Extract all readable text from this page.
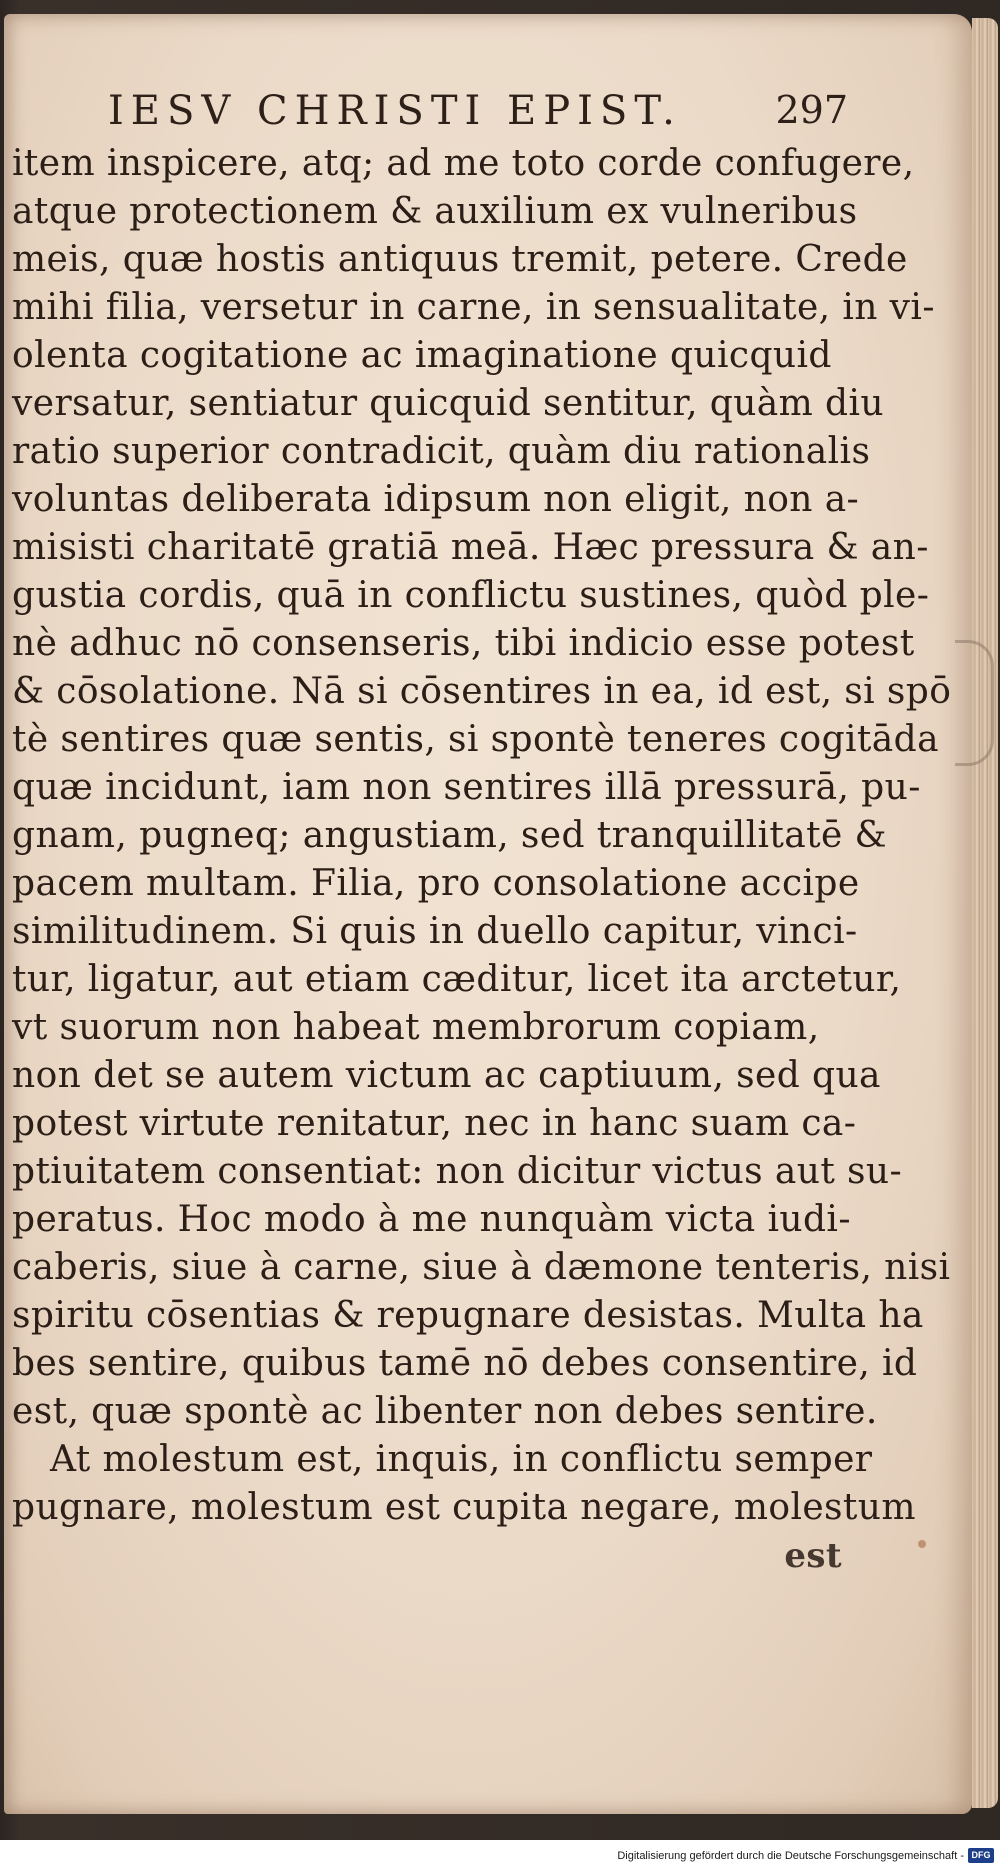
IESV CHRISTI EPIST. 297
item inspicere, atq; ad me toto corde confugere,
atque protectionem & auxilium ex vulneribus
meis, quæ hostis antiquus tremit, petere. Crede
mihi filia, versetur in carne, in sensualitate, in vi-
olenta cogitatione ac imaginatione quicquid
versatur, sentiatur quicquid sentitur, quàm diu
ratio superior contradicit, quàm diu rationalis
voluntas deliberata idipsum non eligit, non a-
misisti charitatē gratiā meā. Hæc pressura & an-
gustia cordis, quā in conflictu sustines, quòd ple-
nè adhuc nō consenseris, tibi indicio esse potest
& cōsolatione. Nā si cōsentires in ea, id est, si spō
tè sentires quæ sentis, si spontè teneres cogitāda
quæ incidunt, iam non sentires illā pressurā, pu-
gnam, pugneq; angustiam, sed tranquillitatē &
pacem multam. Filia, pro consolatione accipe
similitudinem. Si quis in duello capitur, vinci-
tur, ligatur, aut etiam cæditur, licet ita arctetur,
vt suorum non habeat membrorum copiam,
non det se autem victum ac captiuum, sed qua
potest virtute renitatur, nec in hanc suam ca-
ptiuitatem consentiat: non dicitur victus aut su-
peratus. Hoc modo à me nunquàm victa iudi-
caberis, siue à carne, siue à dæmone tenteris, nisi
spiritu cōsentias & repugnare desistas. Multa ha
bes sentire, quibus tamē nō debes consentire, id
est, quæ spontè ac libenter non debes sentire.
At molestum est, inquis, in conflictu semper
pugnare, molestum est cupita negare, molestum
est
Digitalisierung gefördert durch die Deutsche Forschungsgemeinschaft - DFG
